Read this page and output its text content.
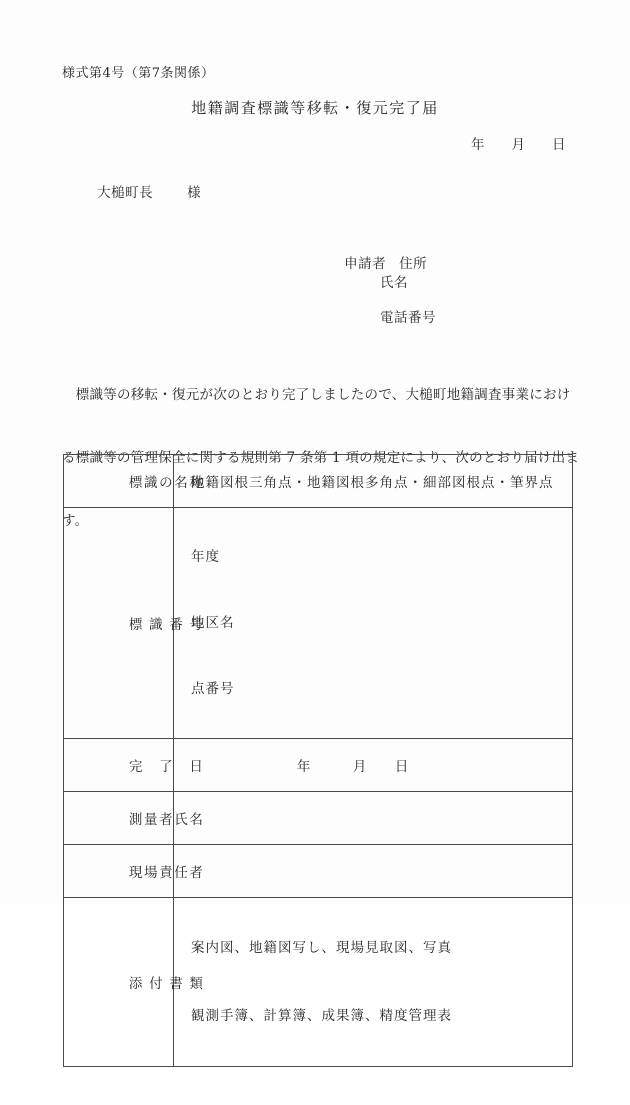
様式第4号（第7条関係）
地籍調査標識等移転・復元完了届
年　　月　　日

大槌町長	様

申請者 住所

氏名
電話番号

　標識等の移転・復元が次のとおり完了しましたので、大槌町地籍調査事業におけ

る標識等の管理保全に関する規則第 7 条第 1 項の規定により、次のとおり届け出ま

す。

標識の名称	地籍図根三角点・地籍図根多角点・細部図根点・筆界点

標識番号	年度

地区名

点番号

完了日	年　　　月　　日

測量者氏名

現場責任者

添付書類	案内図、地籍図写し、現場見取図、写真

観測手簿、計算簿、成果簿、精度管理表
